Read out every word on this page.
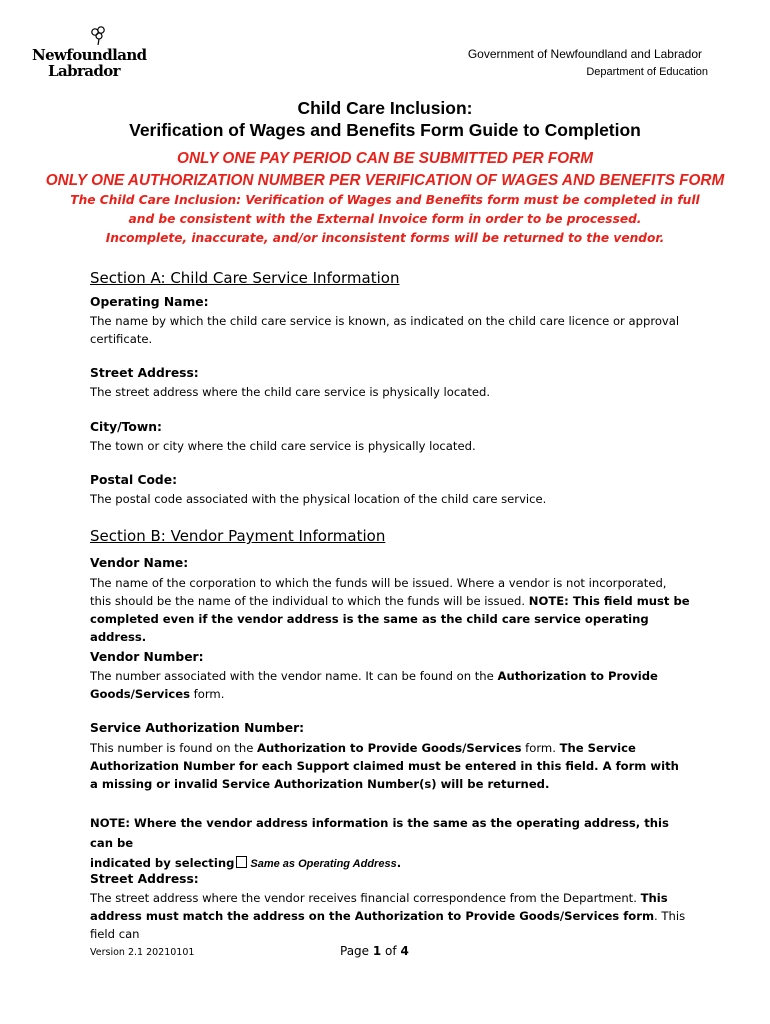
Newfoundland
Labrador
Government of Newfoundland and Labrador
Department of Education
Child Care Inclusion:
Verification of Wages and Benefits Form Guide to Completion
ONLY ONE PAY PERIOD CAN BE SUBMITTED PER FORM
ONLY ONE AUTHORIZATION NUMBER PER VERIFICATION OF WAGES AND BENEFITS FORM
The Child Care Inclusion: Verification of Wages and Benefits form must be completed in full
and be consistent with the External Invoice form in order to be processed.
Incomplete, inaccurate, and/or inconsistent forms will be returned to the vendor.
Section A: Child Care Service Information
Operating Name:
The name by which the child care service is known, as indicated on the child care licence or approval certificate.
Street Address:
The street address where the child care service is physically located.
City/Town:
The town or city where the child care service is physically located.
Postal Code:
The postal code associated with the physical location of the child care service.
Section B: Vendor Payment Information
Vendor Name:
The name of the corporation to which the funds will be issued. Where a vendor is not incorporated, this should be the name of the individual to which the funds will be issued. NOTE: This field must be completed even if the vendor address is the same as the child care service operating address.
Vendor Number:
The number associated with the vendor name. It can be found on the Authorization to Provide Goods/Services form.
Service Authorization Number:
This number is found on the Authorization to Provide Goods/Services form. The Service Authorization Number for each Support claimed must be entered in this field. A form with a missing or invalid Service Authorization Number(s) will be returned.
NOTE: Where the vendor address information is the same as the operating address, this can be
indicated by selecting Same as Operating Address.
Street Address:
The street address where the vendor receives financial correspondence from the Department. This address must match the address on the Authorization to Provide Goods/Services form. This field can
Version 2.1 20210101	Page 1 of 4
